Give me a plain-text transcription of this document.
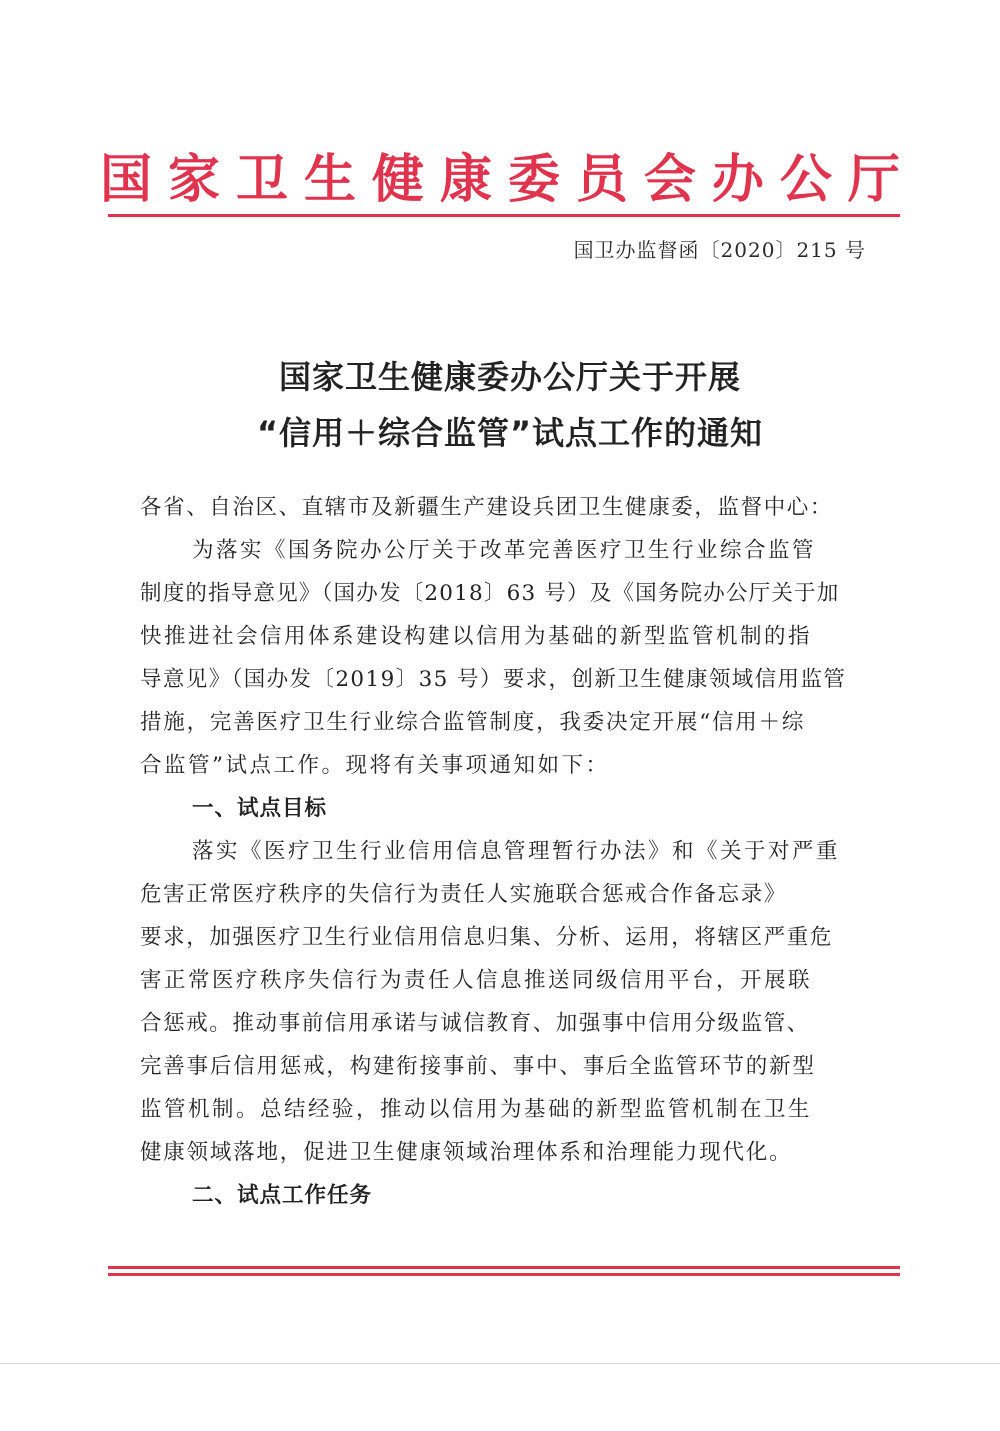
国 家 卫 生 健 康 委 员 会 办 公 厅
国卫办监督函〔2020〕215 号
国家卫生健康委办公厅关于开展
“信用＋综合监管”试点工作的通知
各省、自治区、直辖市及新疆生产建设兵团卫生健康委，监督中心：
为落实《国务院办公厅关于改革完善医疗卫生行业综合监管
制度的指导意见》（国办发〔2018〕63 号）及《国务院办公厅关于加
快推进社会信用体系建设构建以信用为基础的新型监管机制的指
导意见》（国办发〔2019〕35 号）要求，创新卫生健康领域信用监管
措施，完善医疗卫生行业综合监管制度，我委决定开展“信用＋综
合监管”试点工作。现将有关事项通知如下：
一、试点目标
落实《医疗卫生行业信用信息管理暂行办法》和《关于对严重
危害正常医疗秩序的失信行为责任人实施联合惩戒合作备忘录》
要求，加强医疗卫生行业信用信息归集、分析、运用，将辖区严重危
害正常医疗秩序失信行为责任人信息推送同级信用平台，开展联
合惩戒。推动事前信用承诺与诚信教育、加强事中信用分级监管、
完善事后信用惩戒，构建衔接事前、事中、事后全监管环节的新型
监管机制。总结经验，推动以信用为基础的新型监管机制在卫生
健康领域落地，促进卫生健康领域治理体系和治理能力现代化。
二、试点工作任务
